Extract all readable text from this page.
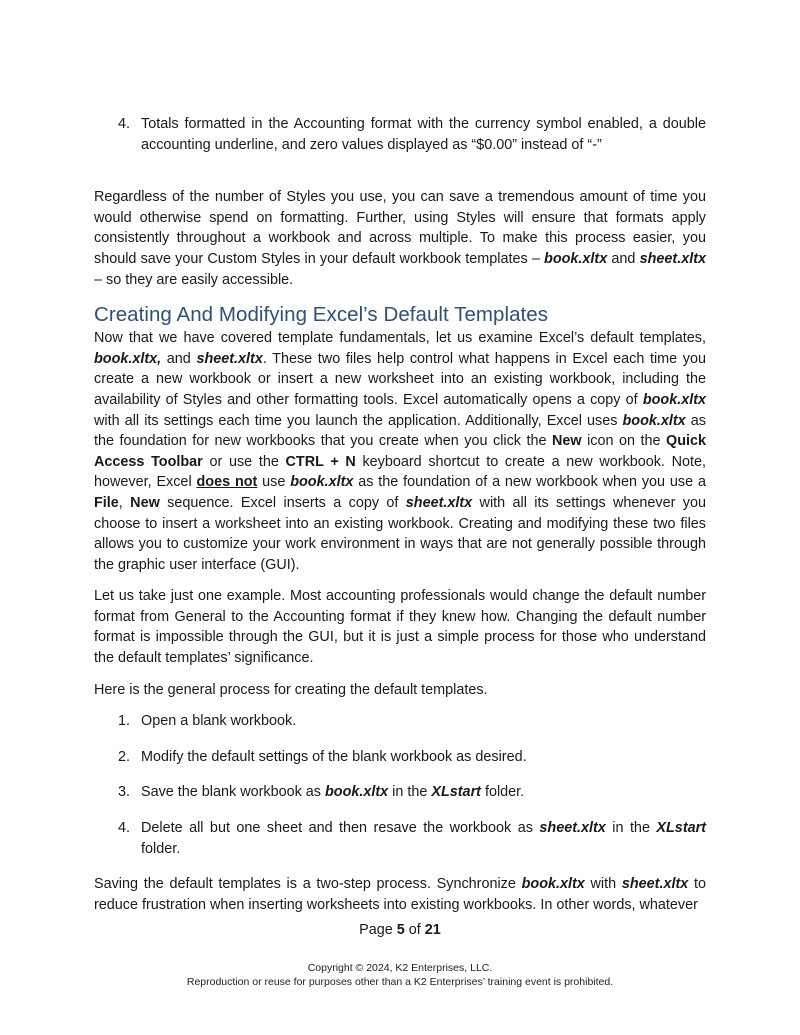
4. Totals formatted in the Accounting format with the currency symbol enabled, a double accounting underline, and zero values displayed as “$0.00” instead of “-”

Regardless of the number of Styles you use, you can save a tremendous amount of time you would otherwise spend on formatting. Further, using Styles will ensure that formats apply consistently throughout a workbook and across multiple. To make this process easier, you should save your Custom Styles in your default workbook templates – book.xltx and sheet.xltx – so they are easily accessible.

Creating And Modifying Excel’s Default Templates

Now that we have covered template fundamentals, let us examine Excel’s default templates, book.xltx, and sheet.xltx. These two files help control what happens in Excel each time you create a new workbook or insert a new worksheet into an existing workbook, including the availability of Styles and other formatting tools. Excel automatically opens a copy of book.xltx with all its settings each time you launch the application. Additionally, Excel uses book.xltx as the foundation for new workbooks that you create when you click the New icon on the Quick Access Toolbar or use the CTRL + N keyboard shortcut to create a new workbook. Note, however, Excel does not use book.xltx as the foundation of a new workbook when you use a File, New sequence. Excel inserts a copy of sheet.xltx with all its settings whenever you choose to insert a worksheet into an existing workbook. Creating and modifying these two files allows you to customize your work environment in ways that are not generally possible through the graphic user interface (GUI).

Let us take just one example. Most accounting professionals would change the default number format from General to the Accounting format if they knew how. Changing the default number format is impossible through the GUI, but it is just a simple process for those who understand the default templates’ significance.

Here is the general process for creating the default templates.

1. Open a blank workbook.
2. Modify the default settings of the blank workbook as desired.
3. Save the blank workbook as book.xltx in the XLstart folder.
4. Delete all but one sheet and then resave the workbook as sheet.xltx in the XLstart folder.

Saving the default templates is a two-step process. Synchronize book.xltx with sheet.xltx to reduce frustration when inserting worksheets into existing workbooks. In other words, whatever

Page 5 of 21
Copyright © 2024, K2 Enterprises, LLC.
Reproduction or reuse for purposes other than a K2 Enterprises’ training event is prohibited.
